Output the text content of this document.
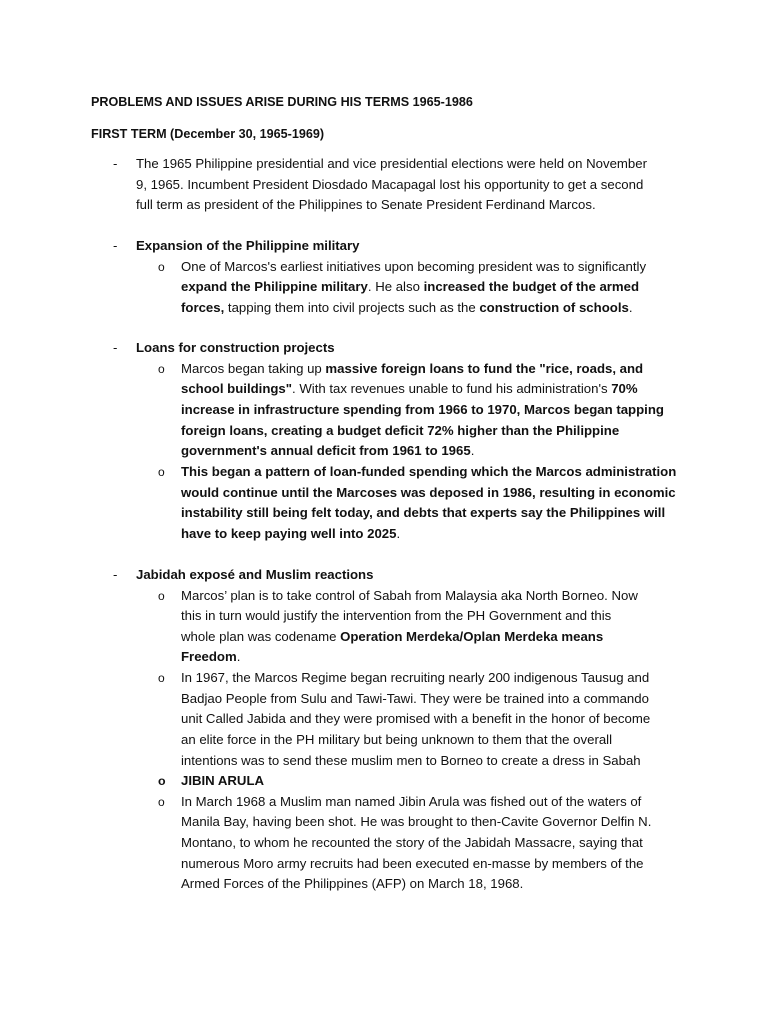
PROBLEMS AND ISSUES ARISE DURING HIS TERMS 1965-1986
FIRST TERM (December 30, 1965-1969)
- The 1965 Philippine presidential and vice presidential elections were held on November
9, 1965. Incumbent President Diosdado Macapagal lost his opportunity to get a second
full term as president of the Philippines to Senate President Ferdinand Marcos.
- Expansion of the Philippine military
o One of Marcos's earliest initiatives upon becoming president was to significantly
expand the Philippine military. He also increased the budget of the armed
forces, tapping them into civil projects such as the construction of schools.
- Loans for construction projects
o Marcos began taking up massive foreign loans to fund the "rice, roads, and
school buildings". With tax revenues unable to fund his administration's 70%
increase in infrastructure spending from 1966 to 1970, Marcos began tapping
foreign loans, creating a budget deficit 72% higher than the Philippine
government's annual deficit from 1961 to 1965.
o This began a pattern of loan-funded spending which the Marcos administration
would continue until the Marcoses was deposed in 1986, resulting in economic
instability still being felt today, and debts that experts say the Philippines will
have to keep paying well into 2025.
- Jabidah exposé and Muslim reactions
o Marcos’ plan is to take control of Sabah from Malaysia aka North Borneo. Now
this in turn would justify the intervention from the PH Government and this
whole plan was codename Operation Merdeka/Oplan Merdeka means
Freedom.
o In 1967, the Marcos Regime began recruiting nearly 200 indigenous Tausug and
Badjao People from Sulu and Tawi-Tawi. They were be trained into a commando
unit Called Jabida and they were promised with a benefit in the honor of become
an elite force in the PH military but being unknown to them that the overall
intentions was to send these muslim men to Borneo to create a dress in Sabah
o JIBIN ARULA
o In March 1968 a Muslim man named Jibin Arula was fished out of the waters of
Manila Bay, having been shot. He was brought to then-Cavite Governor Delfin N.
Montano, to whom he recounted the story of the Jabidah Massacre, saying that
numerous Moro army recruits had been executed en-masse by members of the
Armed Forces of the Philippines (AFP) on March 18, 1968.
